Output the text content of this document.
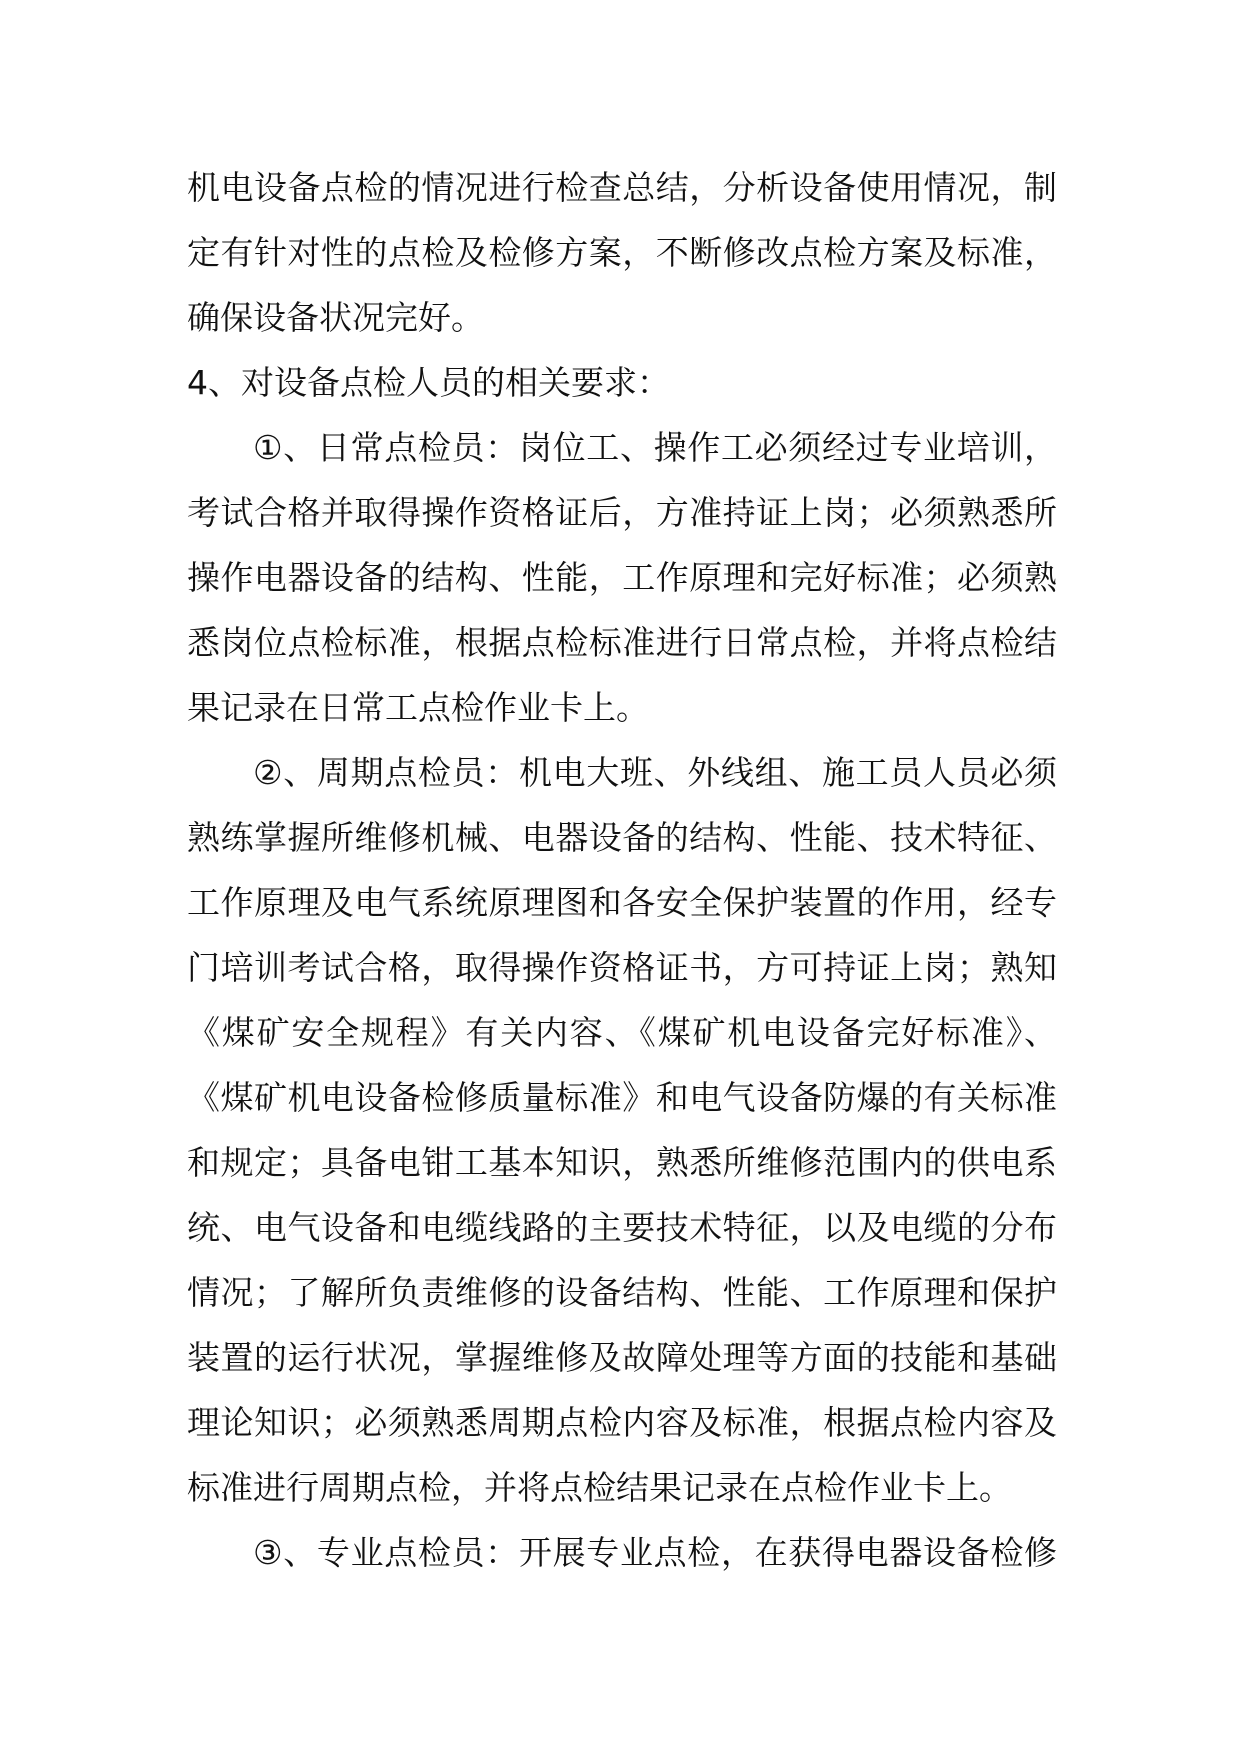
机电设备点检的情况进行检查总结，分析设备使用情况，制
定有针对性的点检及检修方案，不断修改点检方案及标准，
确保设备状况完好。
4、对设备点检人员的相关要求：
①、日常点检员：岗位工、操作工必须经过专业培训，
考试合格并取得操作资格证后，方准持证上岗；必须熟悉所
操作电器设备的结构、性能，工作原理和完好标准；必须熟
悉岗位点检标准，根据点检标准进行日常点检，并将点检结
果记录在日常工点检作业卡上。
②、周期点检员：机电大班、外线组、施工员人员必须
熟练掌握所维修机械、电器设备的结构、性能、技术特征、
工作原理及电气系统原理图和各安全保护装置的作用，经专
门培训考试合格，取得操作资格证书，方可持证上岗；熟知
《煤矿安全规程》有关内容、《煤矿机电设备完好标准》、
《煤矿机电设备检修质量标准》和电气设备防爆的有关标准
和规定；具备电钳工基本知识，熟悉所维修范围内的供电系
统、电气设备和电缆线路的主要技术特征，以及电缆的分布
情况；了解所负责维修的设备结构、性能、工作原理和保护
装置的运行状况，掌握维修及故障处理等方面的技能和基础
理论知识；必须熟悉周期点检内容及标准，根据点检内容及
标准进行周期点检，并将点检结果记录在点检作业卡上。
③、专业点检员：开展专业点检，在获得电器设备检修
